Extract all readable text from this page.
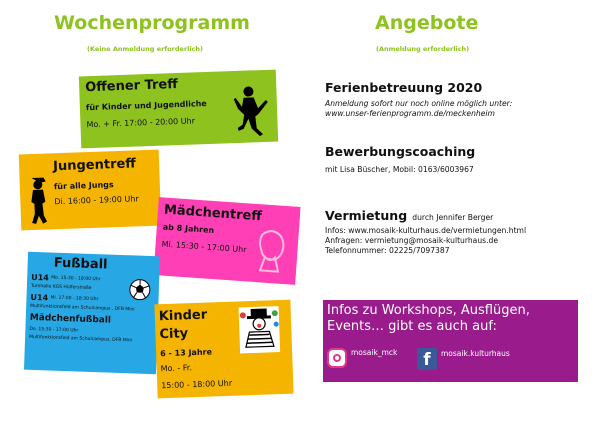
Wochenprogramm
(Keine Anmeldung erforderlich)
Angebote
(Anmeldung erforderlich)
Offener Treff
für Kinder und Jugendliche
Mo. + Fr. 17:00 - 20:00 Uhr
Jungentreff
für alle Jungs
Di. 16:00 - 19:00 Uhr
Mädchentreff
ab 8 Jahren
Mi. 15:30 - 17:00 Uhr
Fußball
U14 Mo. 15:30 - 18:00 Uhr
Turnhalle KGS Hülferstraße
U14 Mi. 17:00 - 18:30 Uhr
Multifunktionsfeld am Schulcampus , DFB Mini
Mädchenfußball
Do. 15:30 - 17:00 Uhr
Multifunktionsfeld am Schulcampus, DFB Mini
Kinder
City
6 - 13 Jahre
Mo. - Fr.
15:00 - 18:00 Uhr
Ferienbetreuung 2020
Anmeldung sofort nur noch online möglich unter:
www.unser-ferienprogramm.de/meckenheim
Bewerbungscoaching
mit Lisa Büscher, Mobil: 0163/6003967
Vermietung durch Jennifer Berger
Infos: www.mosaik-kulturhaus.de/vermietungen.html
Anfragen: vermietung@mosaik-kulturhaus.de
Telefonnummer: 02225/7097387
Infos zu Workshops, Ausflügen,
Events… gibt es auch auf:
mosaik_mck	f	mosaik.kulturhaus
